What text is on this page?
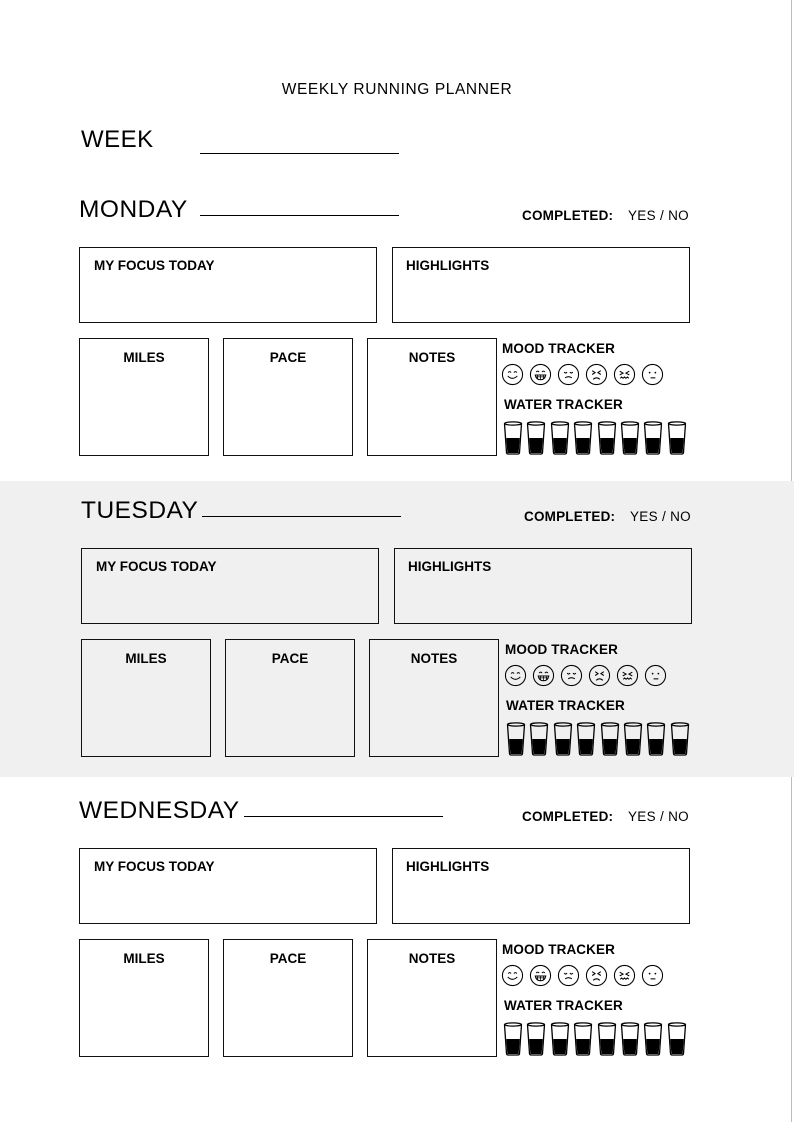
WEEKLY RUNNING PLANNER
WEEK
MONDAY	COMPLETED: YES / NO
MY FOCUS TODAY	HIGHLIGHTS
MILES	PACE	NOTES
MOOD TRACKER
WATER TRACKER
TUESDAY	COMPLETED: YES / NO
MY FOCUS TODAY	HIGHLIGHTS
MILES	PACE	NOTES
MOOD TRACKER
WATER TRACKER
WEDNESDAY	COMPLETED: YES / NO
MY FOCUS TODAY	HIGHLIGHTS
MILES	PACE	NOTES
MOOD TRACKER
WATER TRACKER
